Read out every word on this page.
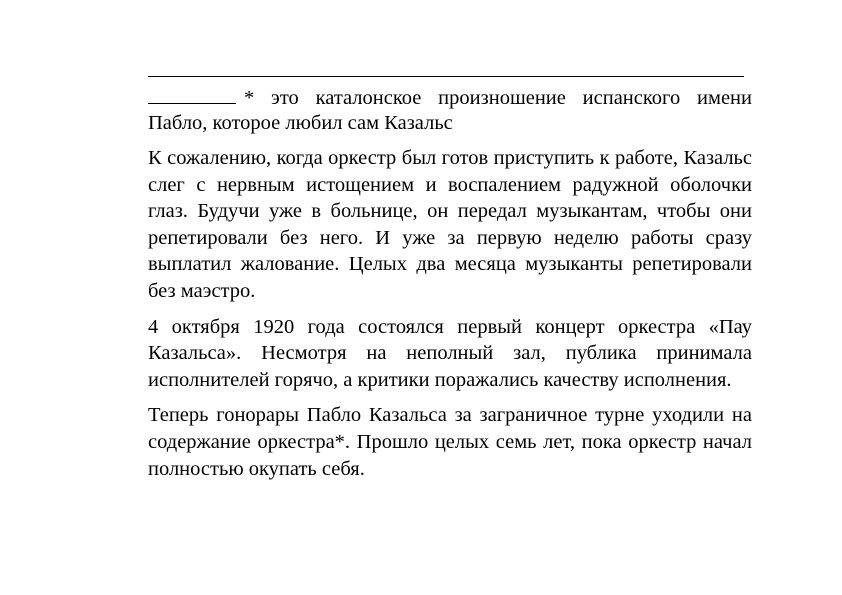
* это каталонское произношение испанского имени Пабло, которое любил сам Казальс

К сожалению, когда оркестр был готов приступить к работе, Казальс слег с нервным истощением и воспалением радужной оболочки глаз. Будучи уже в больнице, он передал музыкантам, чтобы они репетировали без него. И уже за первую неделю работы сразу выплатил жалование. Целых два месяца музыканты репетировали без маэстро.

4 октября 1920 года состоялся первый концерт оркестра «Пау Казальса». Несмотря на неполный зал, публика принимала исполнителей горячо, а критики поражались качеству исполнения.

Теперь гонорары Пабло Казальса за заграничное турне уходили на содержание оркестра*. Прошло целых семь лет, пока оркестр начал полностью окупать себя.
